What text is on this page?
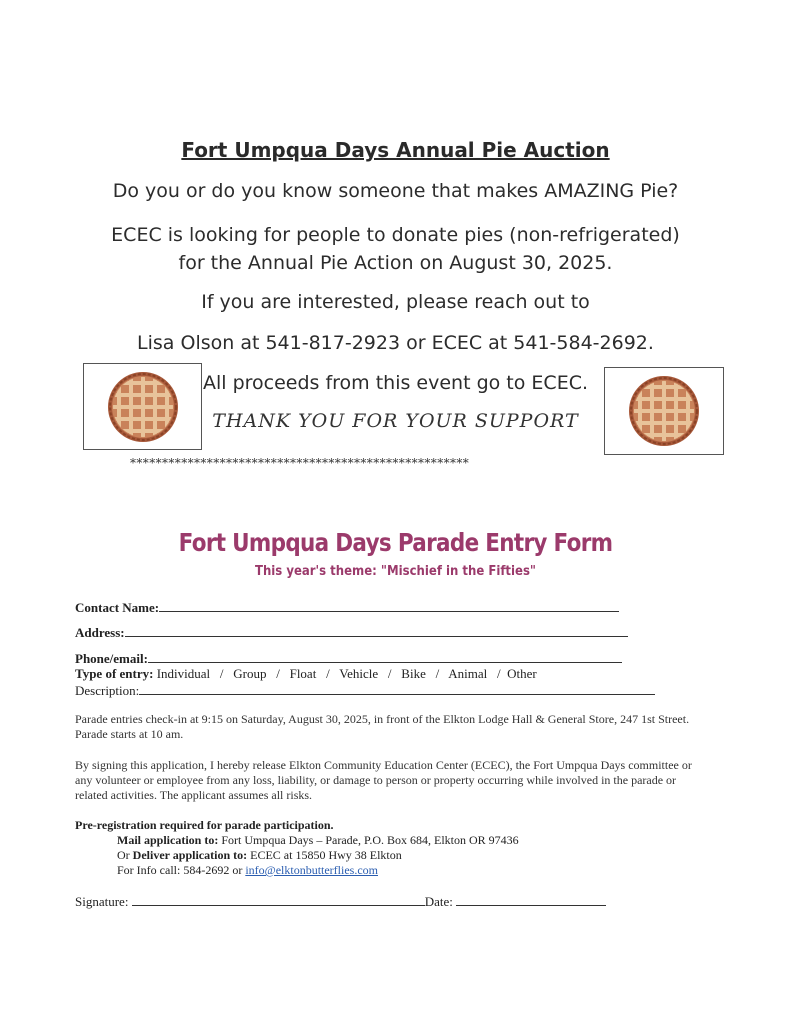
Fort Umpqua Days Annual Pie Auction
Do you or do you know someone that makes AMAZING Pie?
ECEC is looking for people to donate pies (non-refrigerated)
for the Annual Pie Action on August 30, 2025.
If you are interested, please reach out to
Lisa Olson at 541-817-2923 or ECEC at 541-584-2692.
All proceeds from this event go to ECEC.
THANK YOU FOR YOUR SUPPORT
*****************************************************
Fort Umpqua Days Parade Entry Form
This year's theme: "Mischief in the Fifties"
Contact Name:
Address:
Phone/email:
Type of entry: Individual   /   Group   /   Float   /   Vehicle   /   Bike   /   Animal   /  Other
Description:
Parade entries check-in at 9:15 on Saturday, August 30, 2025, in front of the Elkton Lodge Hall & General Store, 247 1st Street. Parade starts at 10 am.
By signing this application, I hereby release Elkton Community Education Center (ECEC), the Fort Umpqua Days committee or any volunteer or employee from any loss, liability, or damage to person or property occurring while involved in the parade or related activities. The applicant assumes all risks.
Pre-registration required for parade participation.
Mail application to: Fort Umpqua Days – Parade, P.O. Box 684, Elkton OR 97436
Or Deliver application to: ECEC at 15850 Hwy 38 Elkton
For Info call: 584-2692 or info@elktonbutterflies.com
Signature:	Date:
